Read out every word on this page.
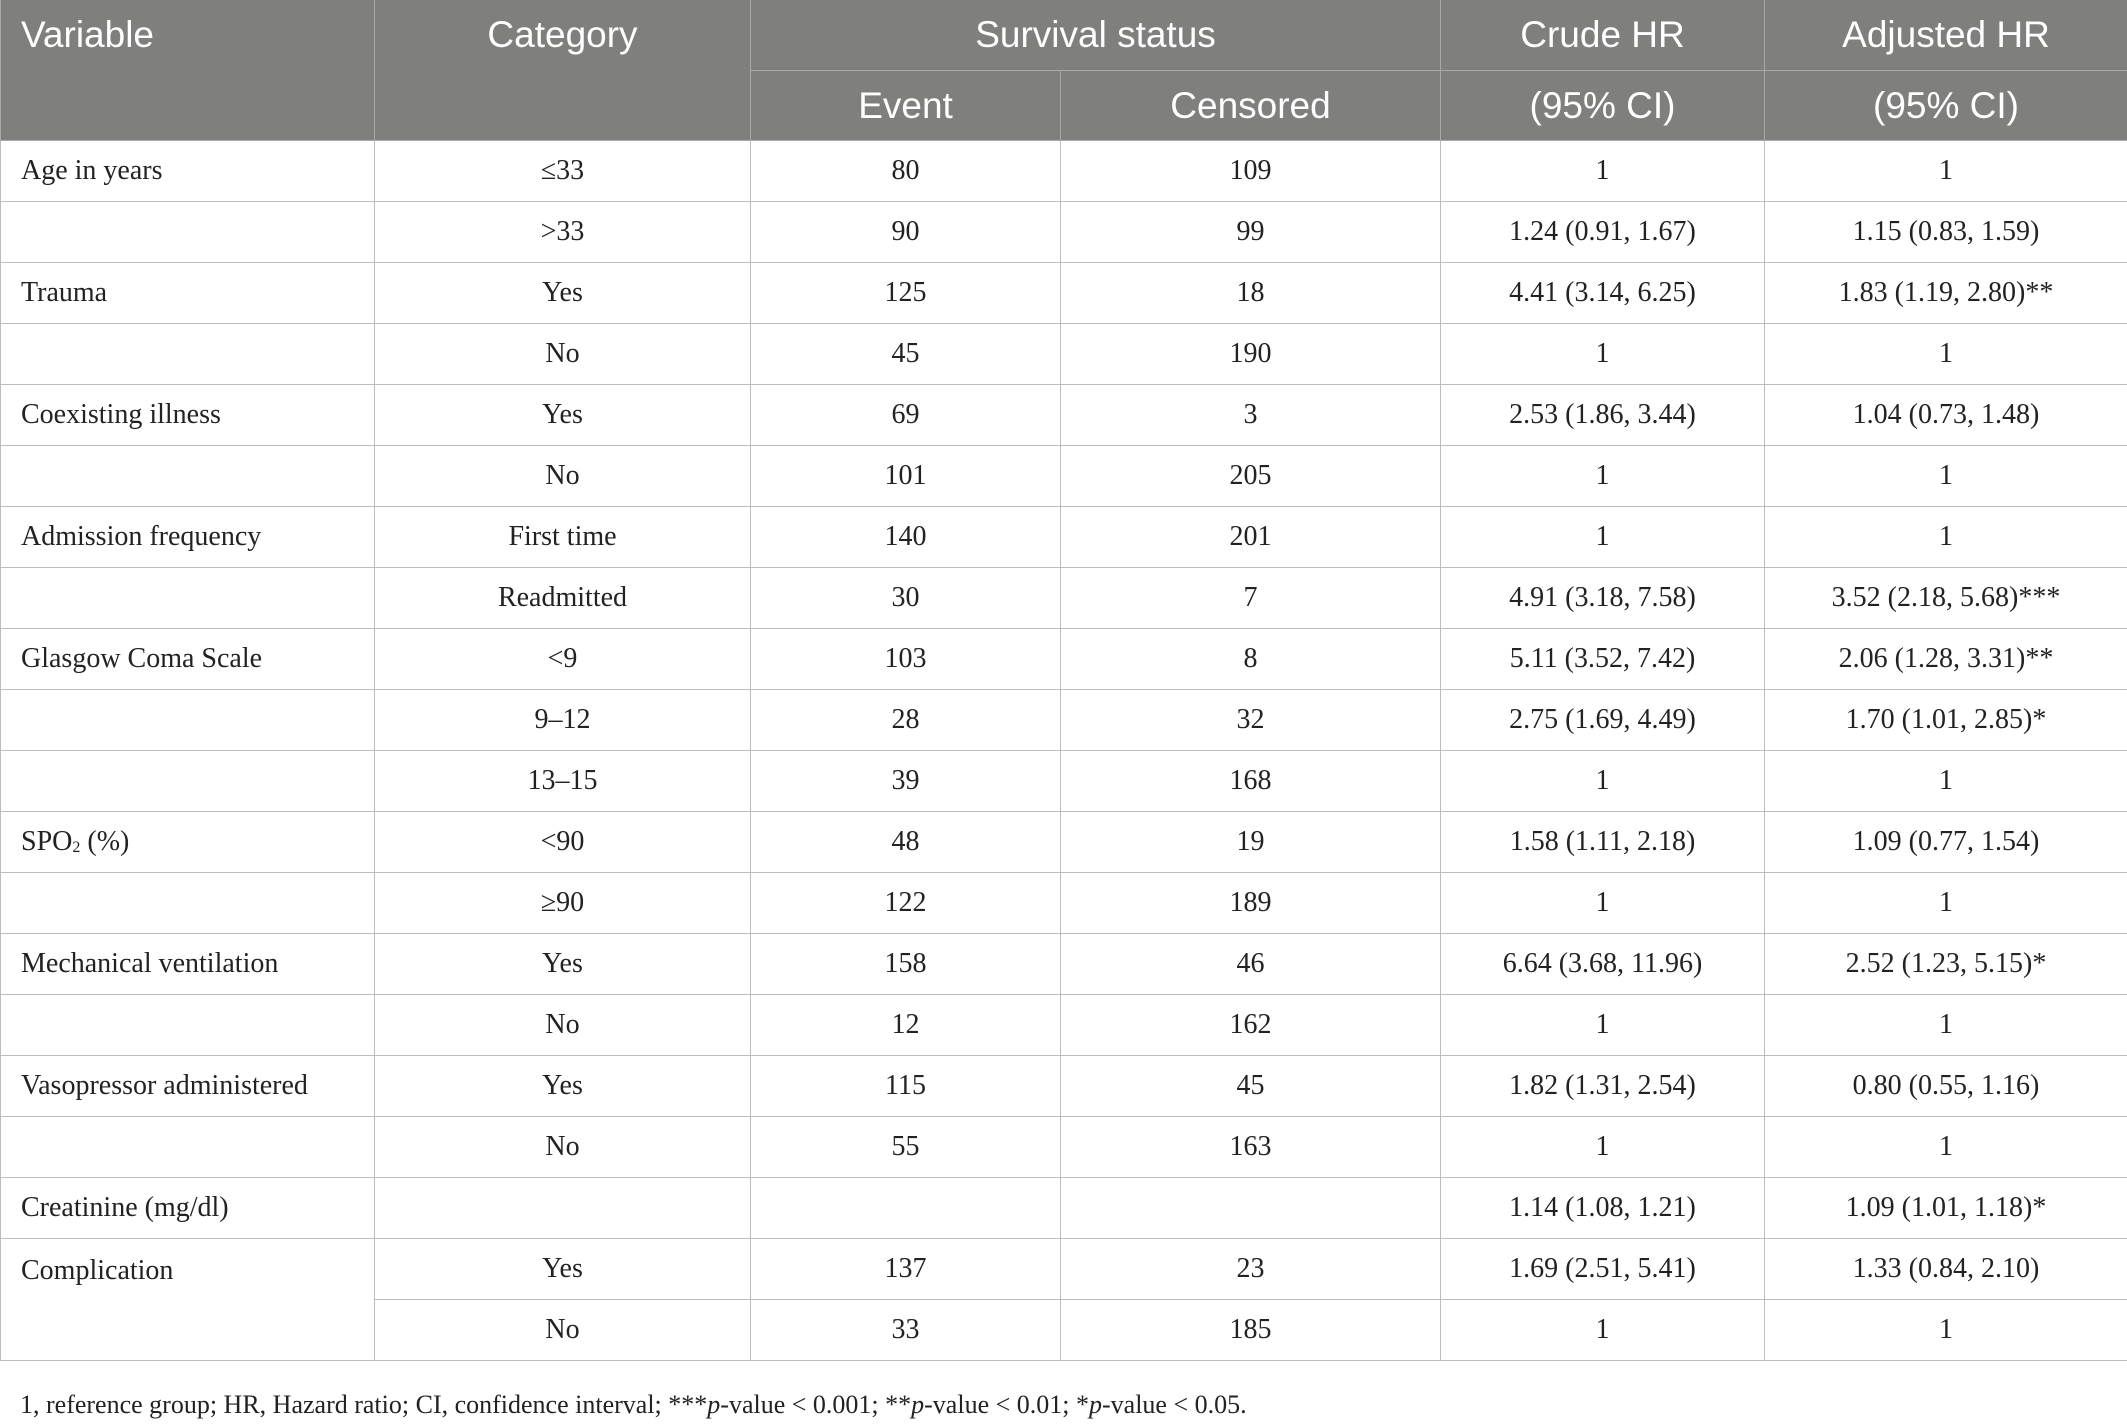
Variable	Category	Survival status		Crude HR	Adjusted HR
		Event	Censored	(95% CI)	(95% CI)
Age in years	≤33	80	109	1	1
	>33	90	99	1.24 (0.91, 1.67)	1.15 (0.83, 1.59)
Trauma	Yes	125	18	4.41 (3.14, 6.25)	1.83 (1.19, 2.80)**
	No	45	190	1	1
Coexisting illness	Yes	69	3	2.53 (1.86, 3.44)	1.04 (0.73, 1.48)
	No	101	205	1	1
Admission frequency	First time	140	201	1	1
	Readmitted	30	7	4.91 (3.18, 7.58)	3.52 (2.18, 5.68)***
Glasgow Coma Scale	<9	103	8	5.11 (3.52, 7.42)	2.06 (1.28, 3.31)**
	9–12	28	32	2.75 (1.69, 4.49)	1.70 (1.01, 2.85)*
	13–15	39	168	1	1
$SPO_2$ (%)	<90	48	19	1.58 (1.11, 2.18)	1.09 (0.77, 1.54)
	≥90	122	189	1	1
Mechanical ventilation	Yes	158	46	6.64 (3.68, 11.96)	2.52 (1.23, 5.15)*
	No	12	162	1	1
Vasopressor administered	Yes	115	45	1.82 (1.31, 2.54)	0.80 (0.55, 1.16)
	No	55	163	1	1
Creatinine (mg/dl)				1.14 (1.08, 1.21)	1.09 (1.01, 1.18)*
Complication	Yes	137	23	1.69 (2.51, 5.41)	1.33 (0.84, 2.10)
	No	33	185	1	1
1, reference group; HR, Hazard ratio; CI, confidence interval; ***p-value < 0.001; **p-value < 0.01; *p-value < 0.05.
